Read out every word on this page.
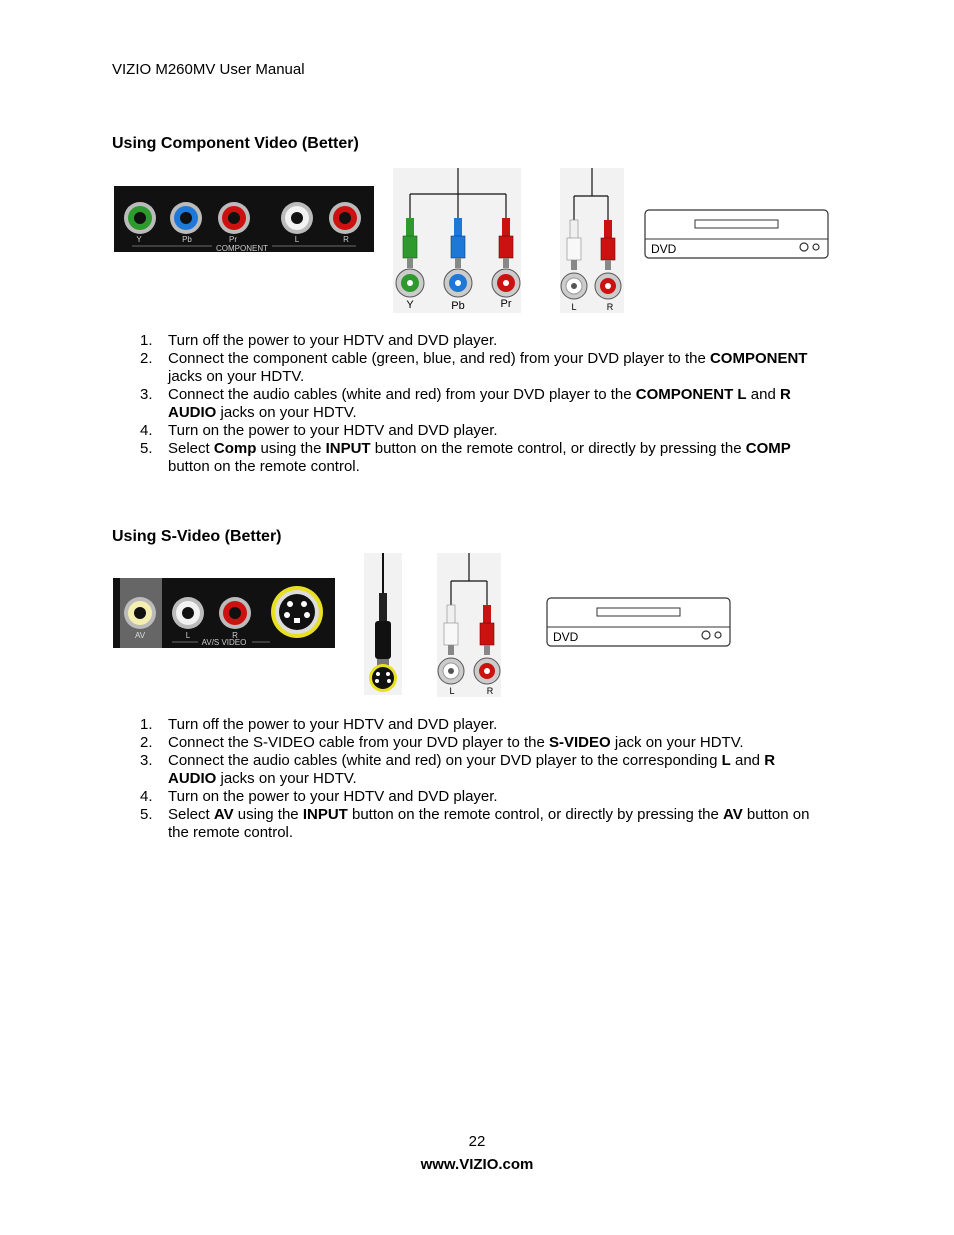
VIZIO M260MV User Manual
Using Component Video (Better)
Y	Pb	Pr	L	R
COMPONENT
Y	Pb	Pr	L	R
DVD
1. Turn off the power to your HDTV and DVD player.
2. Connect the component cable (green, blue, and red) from your DVD player to the COMPONENT jacks on your HDTV.
3. Connect the audio cables (white and red) from your DVD player to the COMPONENT L and R AUDIO jacks on your HDTV.
4. Turn on the power to your HDTV and DVD player.
5. Select Comp using the INPUT button on the remote control, or directly by pressing the COMP button on the remote control.
Using S-Video (Better)
AV	L	R
AV/S VIDEO
L	R
DVD
1. Turn off the power to your HDTV and DVD player.
2. Connect the S-VIDEO cable from your DVD player to the S-VIDEO jack on your HDTV.
3. Connect the audio cables (white and red) on your DVD player to the corresponding L and R AUDIO jacks on your HDTV.
4. Turn on the power to your HDTV and DVD player.
5. Select AV using the INPUT button on the remote control, or directly by pressing the AV button on the remote control.
22
www.VIZIO.com
